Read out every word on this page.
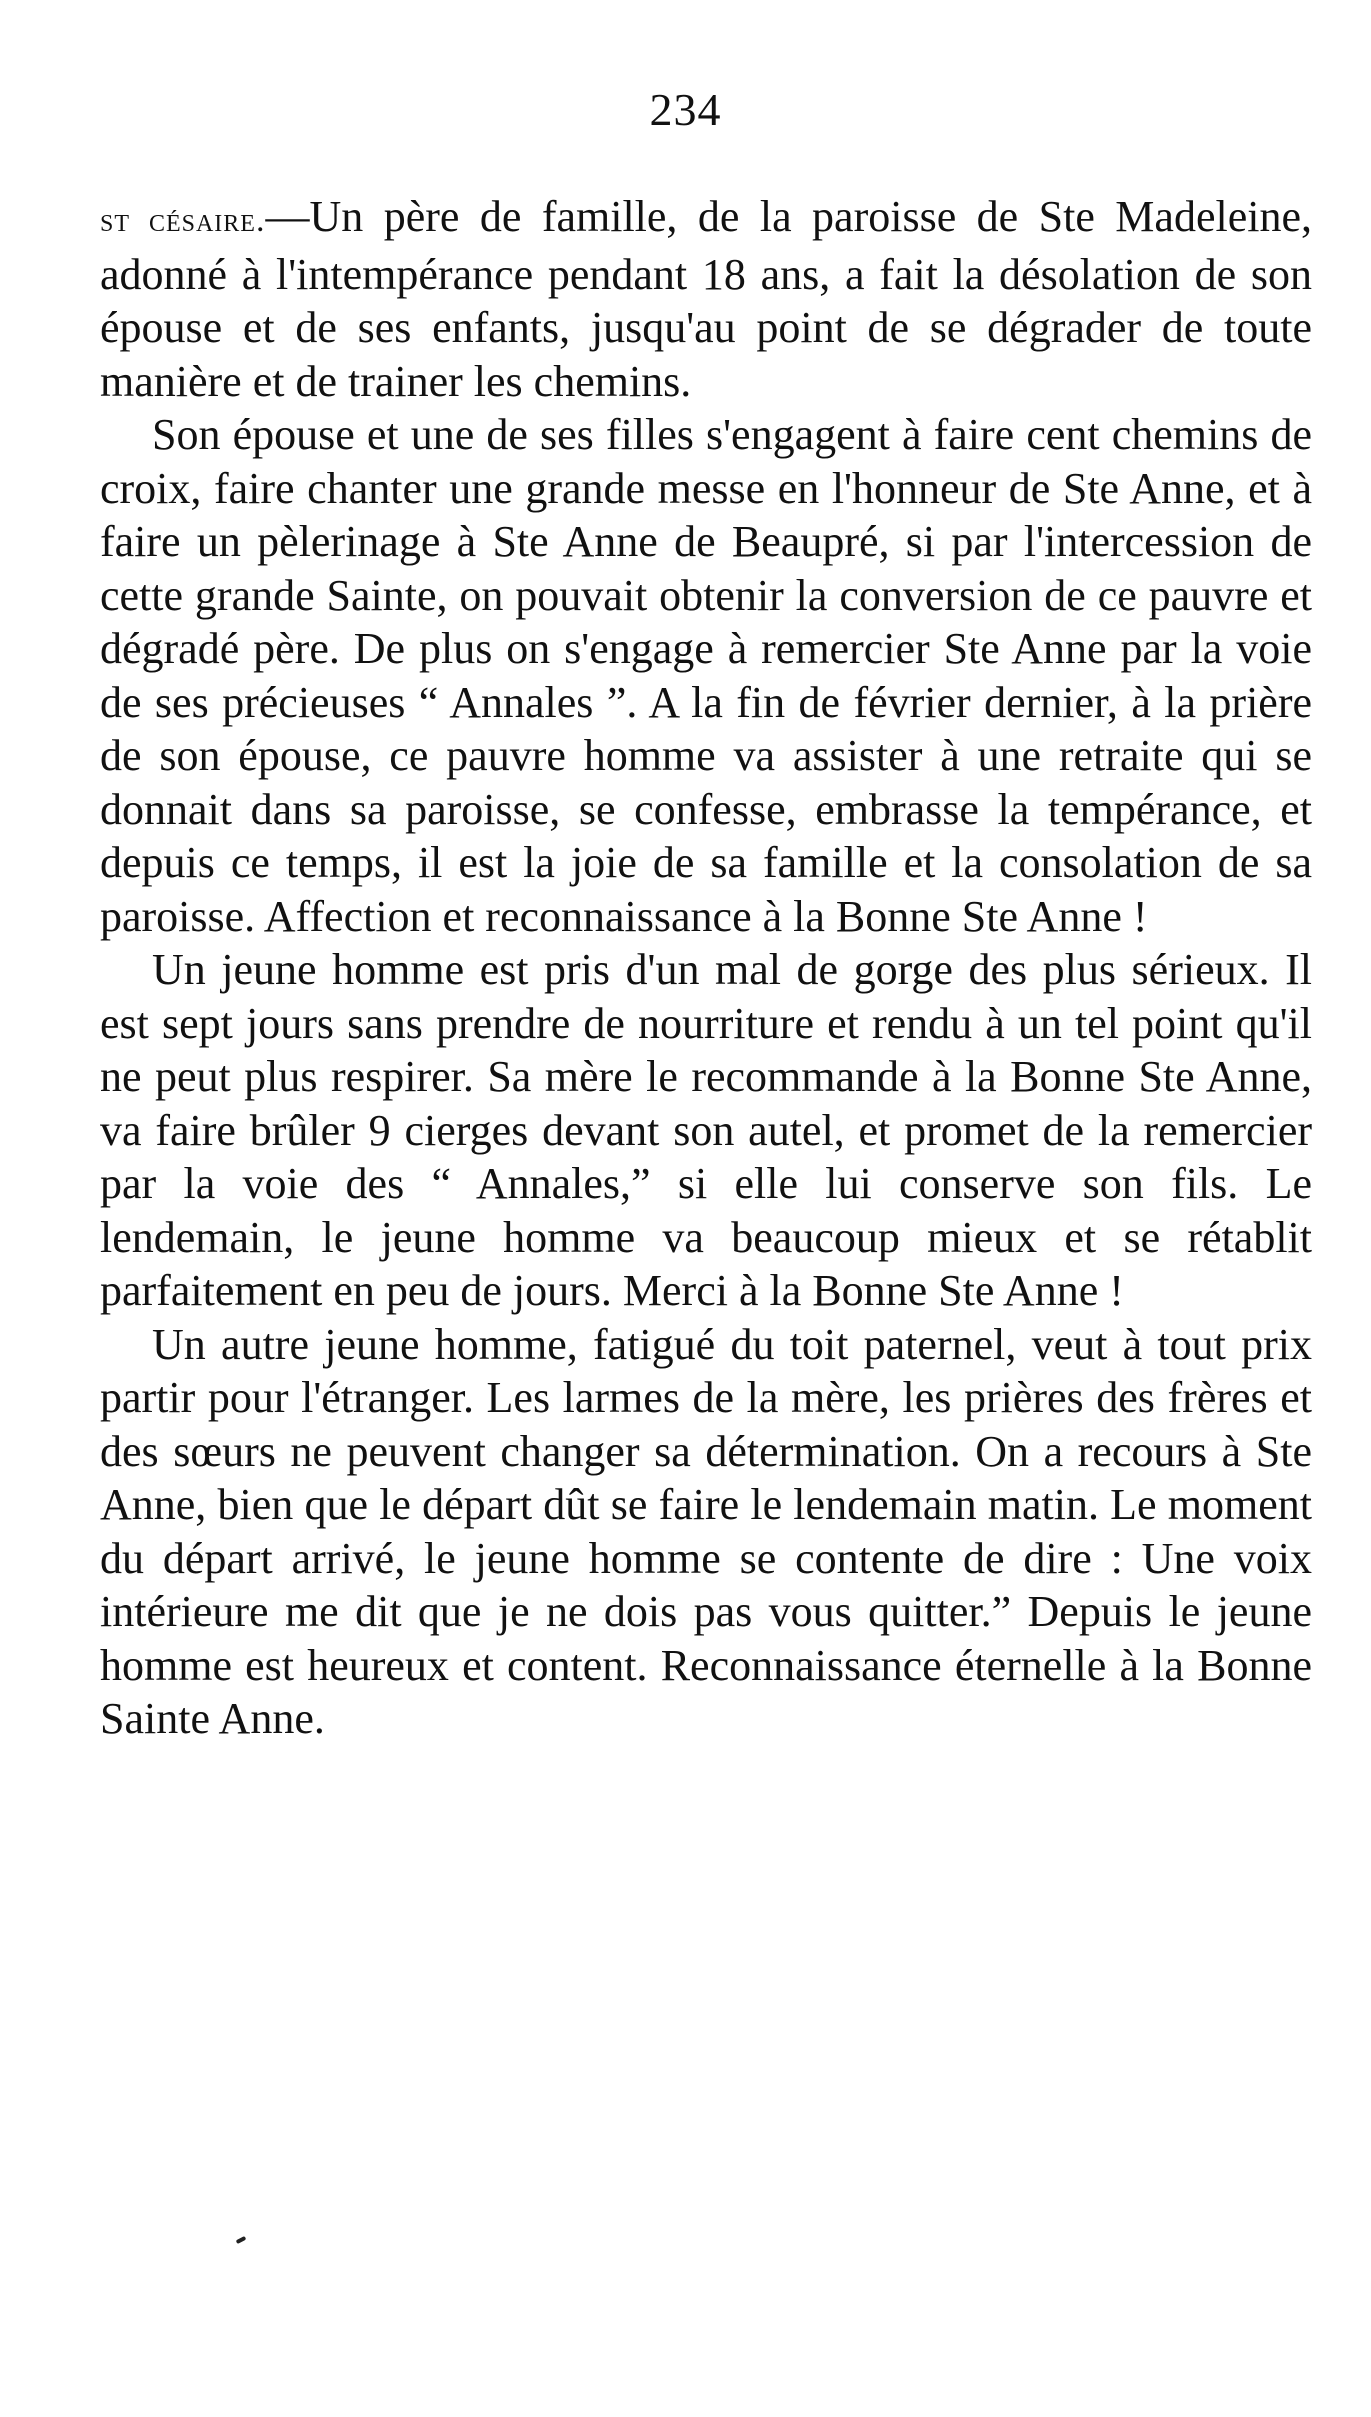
234

st césaire.—Un père de famille, de la paroisse de Ste Madeleine, adonné à l'intempérance pendant 18 ans, a fait la désolation de son épouse et de ses enfants, jusqu'au point de se dégrader de toute manière et de trainer les chemins.

Son épouse et une de ses filles s'engagent à faire cent chemins de croix, faire chanter une grande messe en l'honneur de Ste Anne, et à faire un pèlerinage à Ste Anne de Beaupré, si par l'intercession de cette grande Sainte, on pouvait obtenir la conversion de ce pauvre et dégradé père. De plus on s'engage à remercier Ste Anne par la voie de ses précieuses “ Annales ”. A la fin de février dernier, à la prière de son épouse, ce pauvre homme va assister à une retraite qui se donnait dans sa paroisse, se confesse, embrasse la tempérance, et depuis ce temps, il est la joie de sa famille et la consolation de sa paroisse. Affection et reconnaissance à la Bonne Ste Anne !

Un jeune homme est pris d'un mal de gorge des plus sérieux. Il est sept jours sans prendre de nourriture et rendu à un tel point qu'il ne peut plus respirer. Sa mère le recommande à la Bonne Ste Anne, va faire brûler 9 cierges devant son autel, et promet de la remercier par la voie des “ Annales,” si elle lui conserve son fils. Le lendemain, le jeune homme va beaucoup mieux et se rétablit parfaitement en peu de jours. Merci à la Bonne Ste Anne !

Un autre jeune homme, fatigué du toit paternel, veut à tout prix partir pour l'étranger. Les larmes de la mère, les prières des frères et des sœurs ne peuvent changer sa détermination. On a recours à Ste Anne, bien que le départ dût se faire le lendemain matin. Le moment du départ arrivé, le jeune homme se contente de dire : Une voix intérieure me dit que je ne dois pas vous quitter.” Depuis le jeune homme est heureux et content. Reconnaissance éternelle à la Bonne Sainte Anne.
